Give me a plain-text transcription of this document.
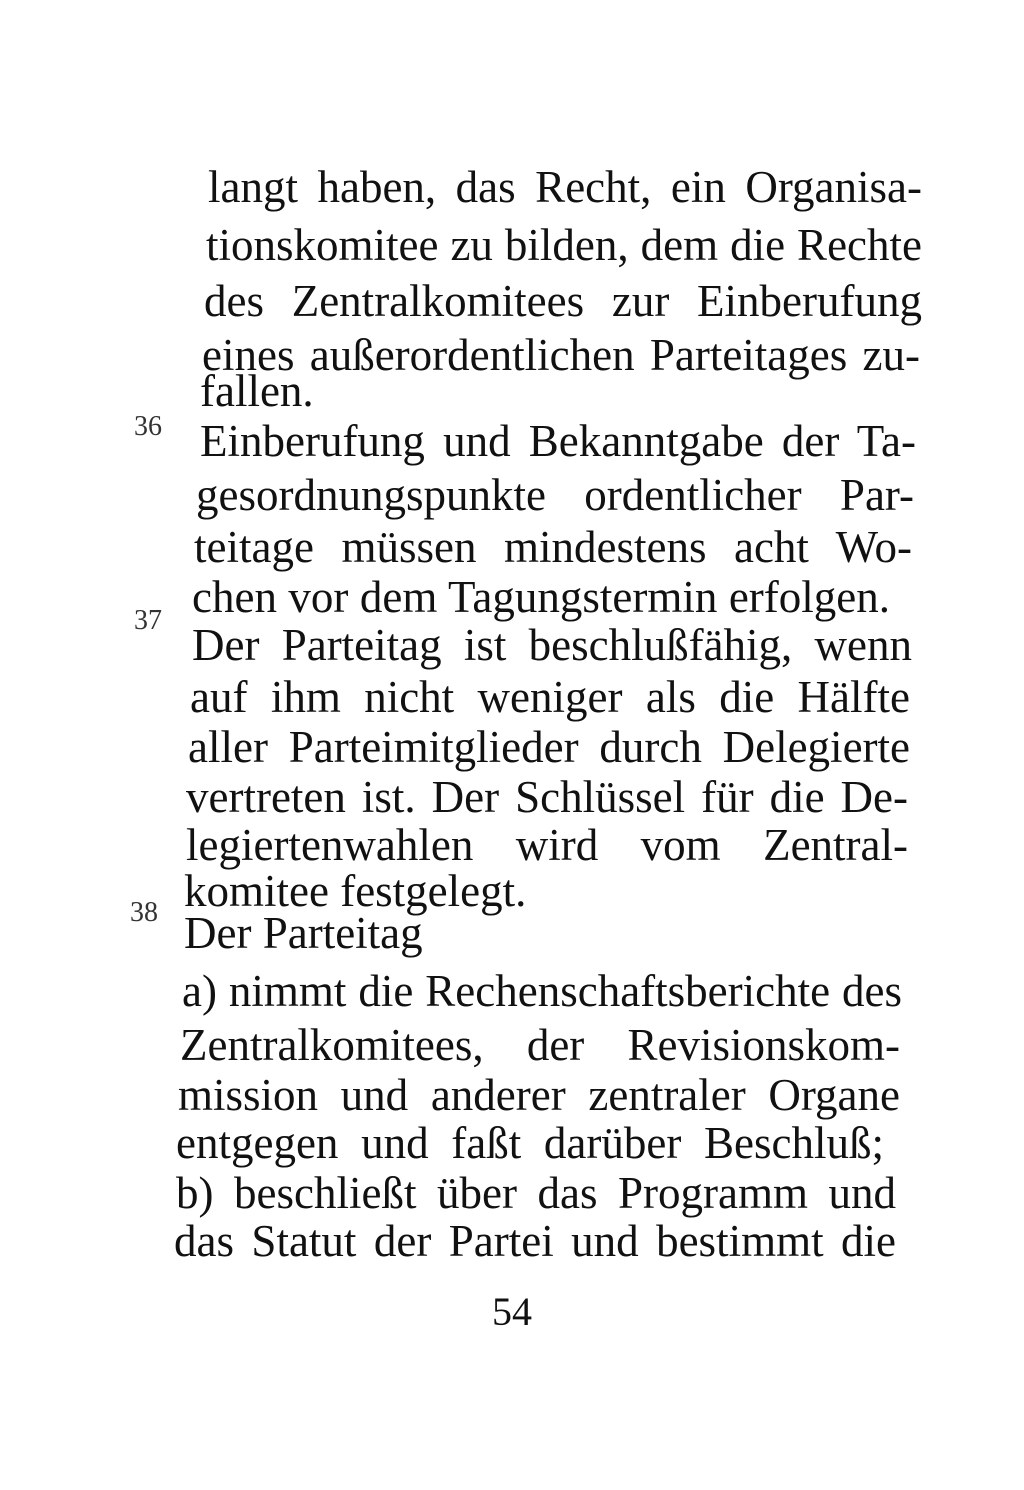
36
37
38
langt haben, das Recht, ein Organisa-
tionskomitee zu bilden, dem die Rechte
des Zentralkomitees zur Einberufung
eines außerordentlichen Parteitages zu-
fallen.
Einberufung und Bekanntgabe der Ta-
gesordnungspunkte ordentlicher Par-
teitage müssen mindestens acht Wo-
chen vor dem Tagungstermin erfolgen.
Der Parteitag ist beschlußfähig, wenn
auf ihm nicht weniger als die Hälfte
aller Parteimitglieder durch Delegierte
vertreten ist. Der Schlüssel für die De-
legiertenwahlen wird vom Zentral-
komitee festgelegt.
Der Parteitag
a) nimmt die Rechenschaftsberichte des
Zentralkomitees, der Revisionskom-
mission und anderer zentraler Organe
entgegen und faßt darüber Beschluß;
b) beschließt über das Programm und
das Statut der Partei und bestimmt die
54
